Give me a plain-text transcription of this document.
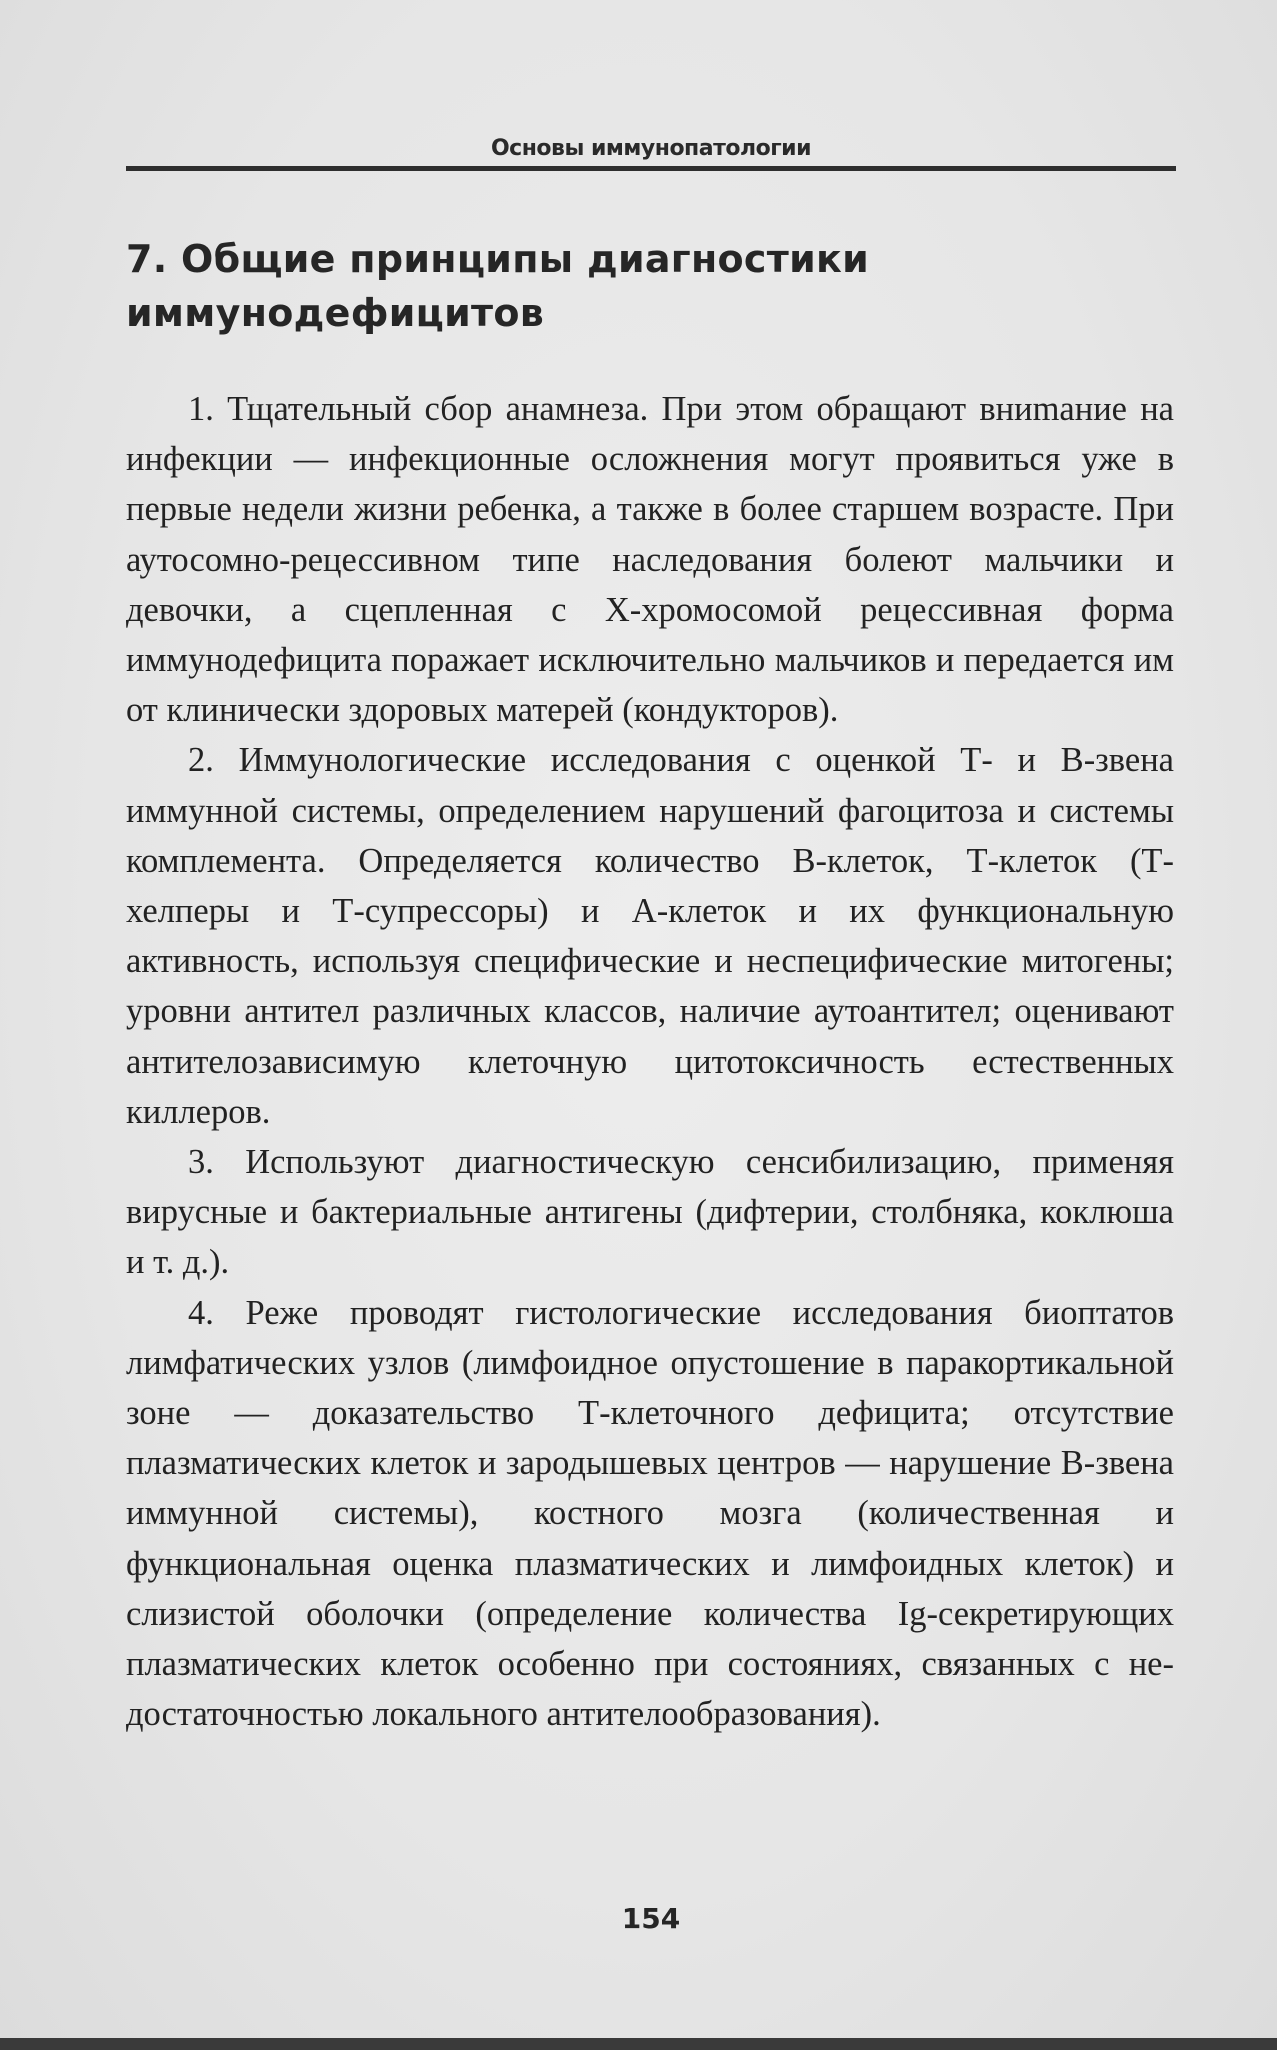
Основы иммунопатологии
7. Общие принципы диагностики иммунодефицитов

1. Тщательный сбор анамнеза. При этом обращают вниmание на инфекции — инфекционные осложнения могут проявиться уже в первые недели жизни ребенка, а также в более старшем возрасте. При аутосомно-рецессивном типе наследования болеют мальчики и девочки, а сцепленная с Х-хромосомой рецессивная форма иммунодефицита поражает исключительно мальчиков и передается им от клинически здоровых матерей (кондукторов).

2. Иммунологические исследования с оценкой Т- и В-звена иммунной системы, определением нарушений фагоцитоза и системы комплемента. Определяется количество В-клеток, Т-клеток (Т-хелперы и Т-супрессоры) и А-клеток и их функциональную активность, используя специфические и неспецифические митогены; уровни антител различных классов, наличие аутоантител; оценивают антителозависимую клеточную цитотоксичность естественных киллеров.

3. Используют диагностическую сенсибилизацию, применяя вирусные и бактериальные антигены (дифтерии, столбняка, коклюша и т. д.).

4. Реже проводят гистологические исследования биоптатов лимфатических узлов (лимфоидное опустошение в паракортикальной зоне — доказательство Т-клеточного дефицита; отсутствие плазматических клеток и зародышевых центров — нарушение В-звена иммунной системы), костного мозга (количественная и функциональная оценка плазматических и лимфоидных клеток) и слизистой оболочки (определение количества Ig-секретирующих плазматических клеток особенно при состояниях, связанных с недостаточностью локального антителообразования).

154
